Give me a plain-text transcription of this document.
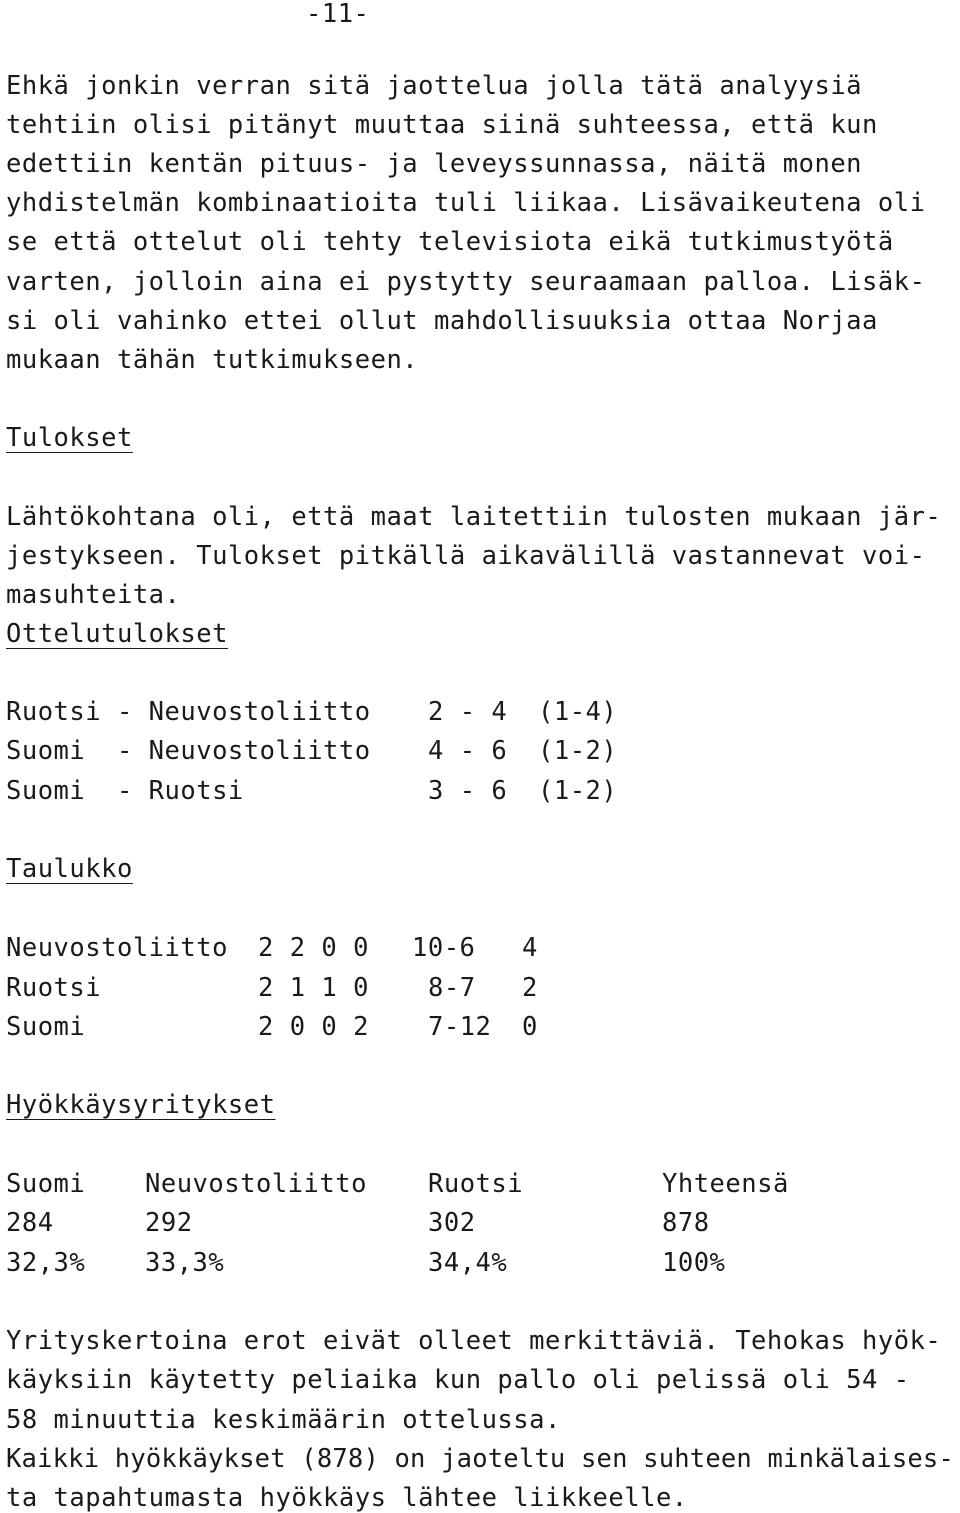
-11-
Ehkä jonkin verran sitä jaottelua jolla tätä analyysiä
tehtiin olisi pitänyt muuttaa siinä suhteessa, että kun
edettiin kentän pituus- ja leveyssunnassa, näitä monen
yhdistelmän kombinaatioita tuli liikaa. Lisävaikeutena oli
se että ottelut oli tehty televisiota eikä tutkimustyötä
varten, jolloin aina ei pystytty seuraamaan palloa. Lisäk-
si oli vahinko ettei ollut mahdollisuuksia ottaa Norjaa
mukaan tähän tutkimukseen.
Tulokset
Lähtökohtana oli, että maat laitettiin tulosten mukaan jär-
jestykseen. Tulokset pitkällä aikavälillä vastannevat voi-
masuhteita.
Ottelutulokset
Ruotsi - Neuvostoliitto 2 - 4 (1-4)
Suomi  - Neuvostoliitto 4 - 6 (1-2)
Suomi  - Ruotsi	3 - 6 (1-2)
Taulukko
Neuvostoliitto 2 2 0 0 10-6 4
Ruotsi	2 1 1 0 8-7 2
Suomi	2 0 0 2 7-12 0
Hyökkäysyritykset
Suomi Neuvostoliitto Ruotsi	Yhteensä
284	292	302	878
32,3% 33,3%	34,4%	100%
Yrityskertoina erot eivät olleet merkittäviä. Tehokas hyök-
käyksiin käytetty peliaika kun pallo oli pelissä oli 54 -
58 minuuttia keskimäärin ottelussa.
Kaikki hyökkäykset (878) on jaoteltu sen suhteen minkälaises-
ta tapahtumasta hyökkäys lähtee liikkeelle.
